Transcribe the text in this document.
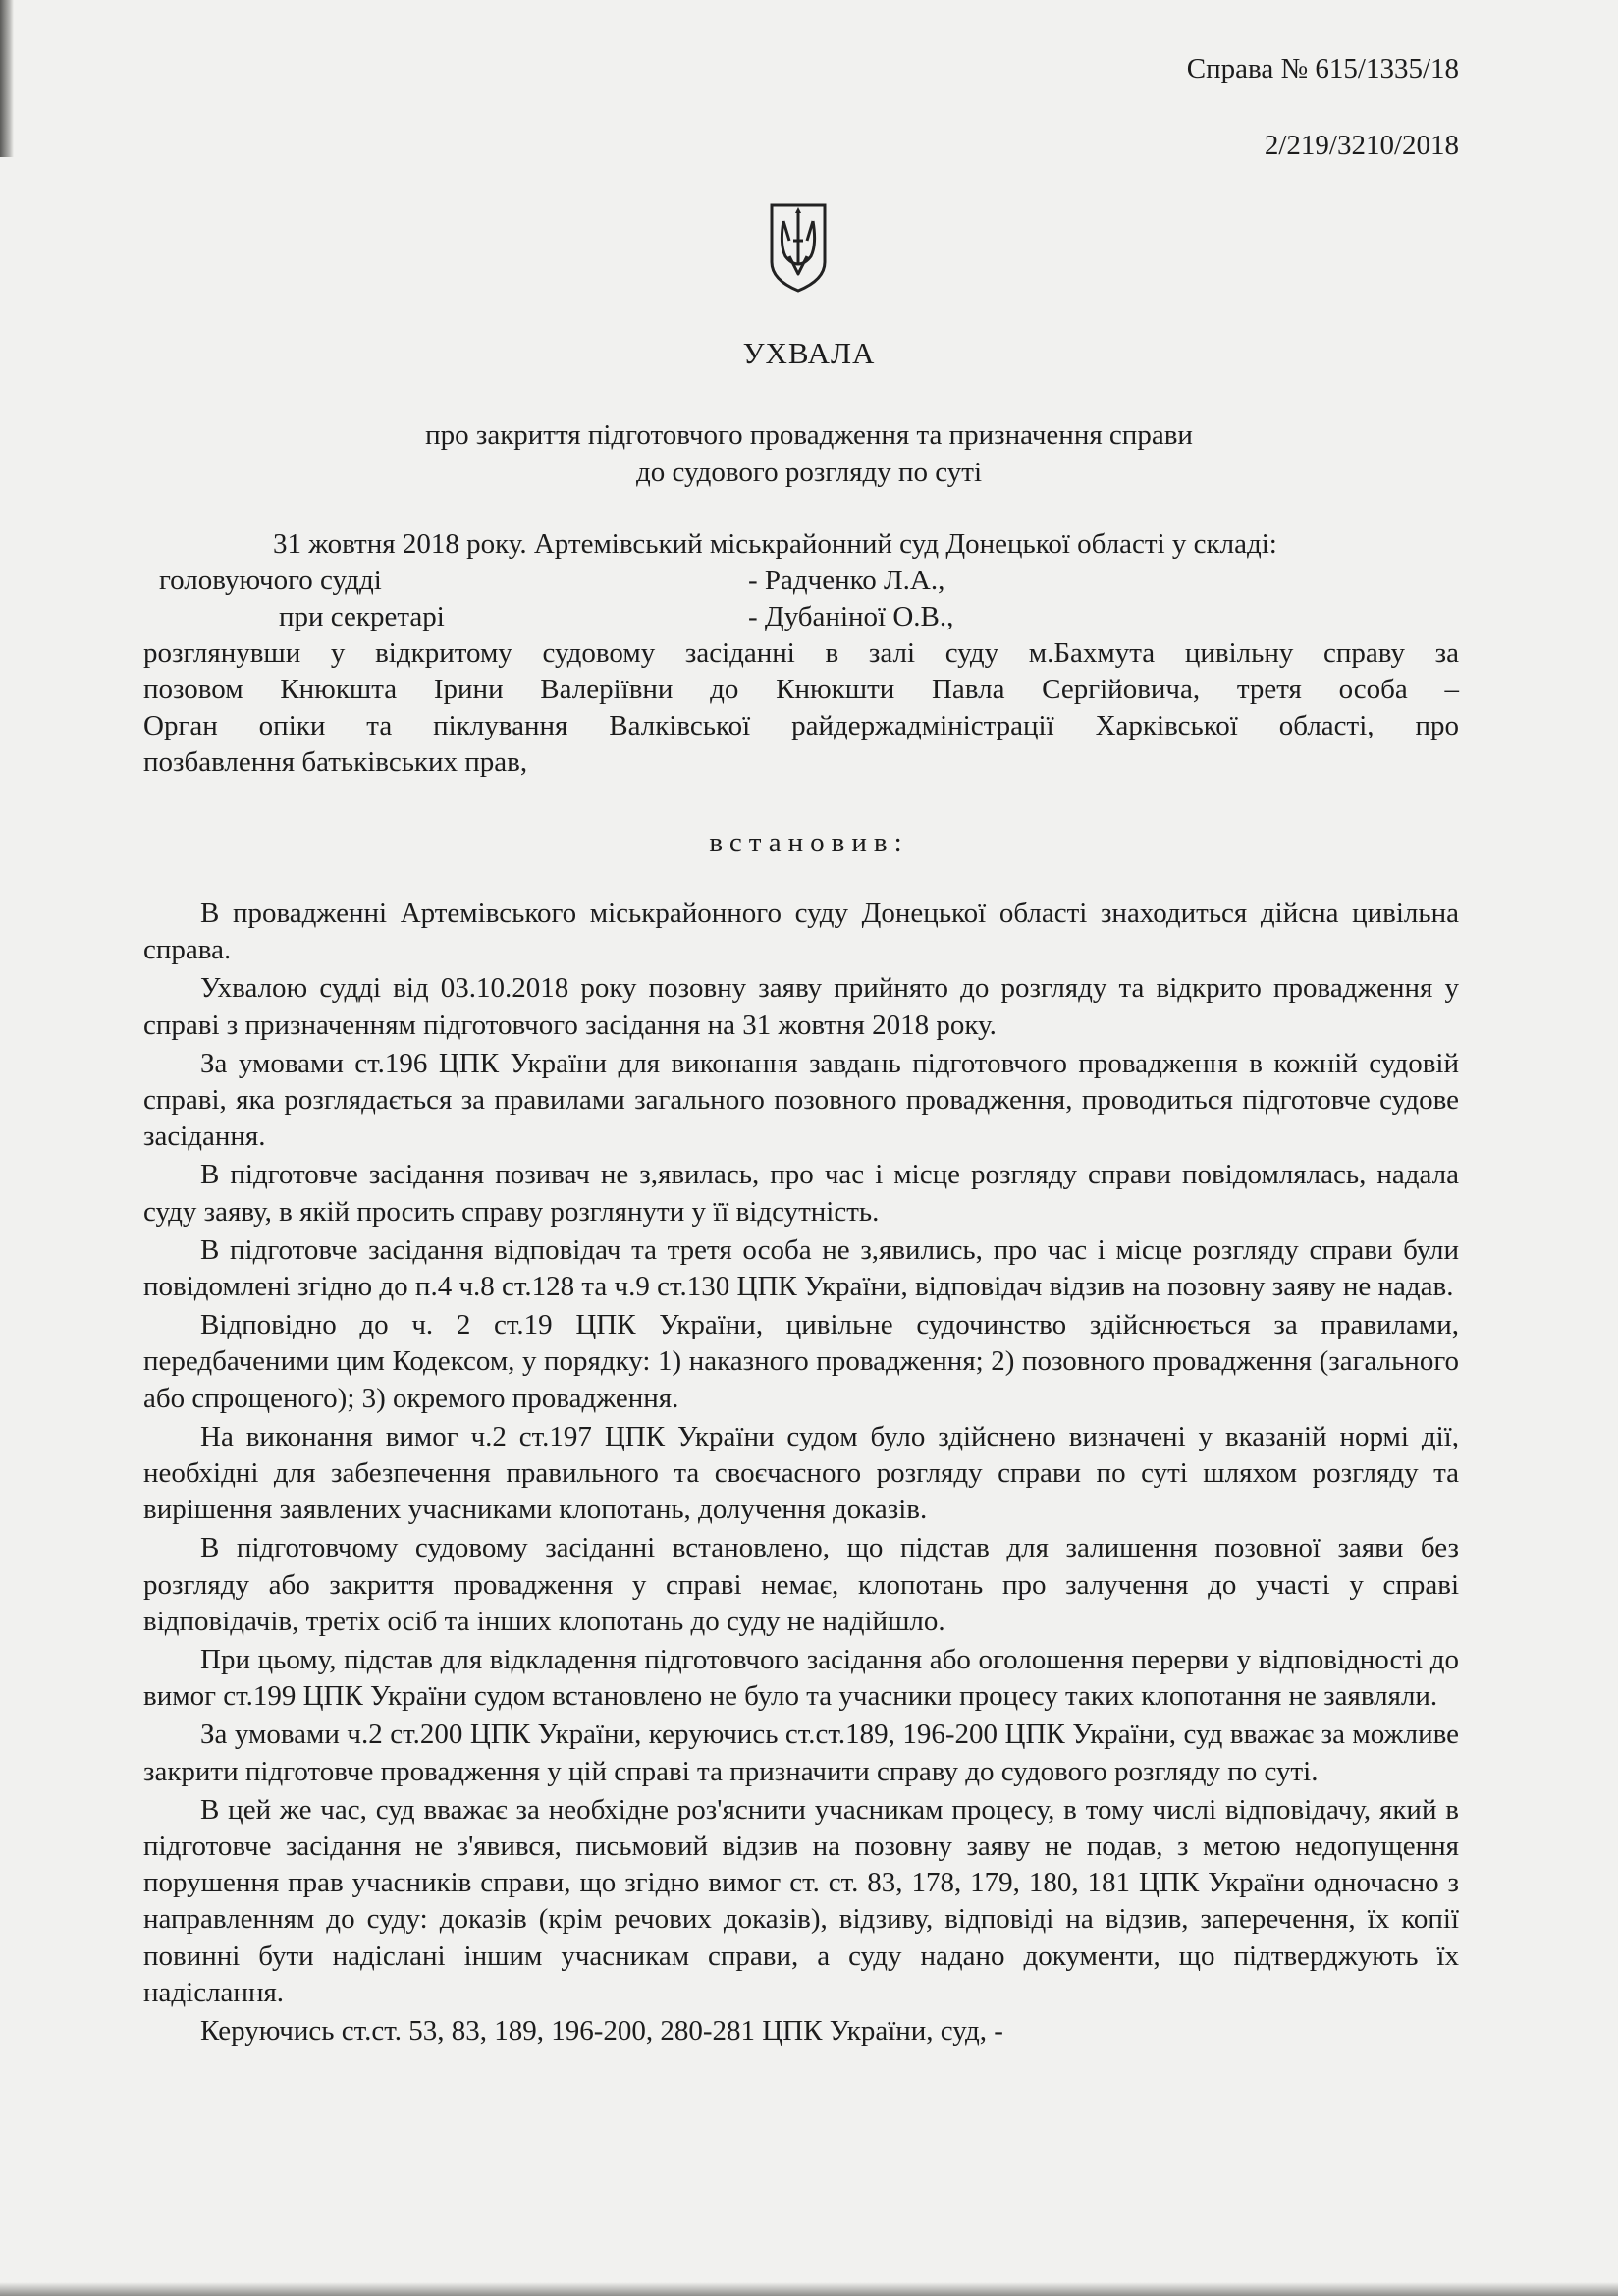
Справа № 615/1335/18
2/219/3210/2018
УХВАЛА
про закриття підготовчого провадження та призначення справи
до судового розгляду по суті
31 жовтня 2018 року. Артемівський міськрайонний суд Донецької області у складі:
головуючого судді	- Радченко Л.А.,
при секретарі	- Дубаніної О.В.,
розглянувши у відкритому судовому засіданні в залі суду м.Бахмута цивільну справу за
позовом Кнюкшта Ірини Валеріївни до Кнюкшти Павла Сергійовича, третя особа –
Орган опіки та піклування Валківської райдержадміністрації Харківської області, про
позбавлення батьківських прав,
встановив:

В провадженні Артемівського міськрайонного суду Донецької області знаходиться дійсна цивільна справа.

Ухвалою судді від 03.10.2018 року позовну заяву прийнято до розгляду та відкрито провадження у справі з призначенням підготовчого засідання на 31 жовтня 2018 року.

За умовами ст.196 ЦПК України для виконання завдань підготовчого провадження в кожній судовій справі, яка розглядається за правилами загального позовного провадження, проводиться підготовче судове засідання.

В підготовче засідання позивач не з,явилась, про час і місце розгляду справи повідомлялась, надала суду заяву, в якій просить справу розглянути у її відсутність.

В підготовче засідання відповідач та третя особа не з,явились, про час і місце розгляду справи були повідомлені згідно до п.4 ч.8 ст.128 та ч.9 ст.130 ЦПК України, відповідач відзив на позовну заяву не надав.

Відповідно до ч. 2 ст.19 ЦПК України, цивільне судочинство здійснюється за правилами, передбаченими цим Кодексом, у порядку: 1) наказного провадження; 2) позовного провадження (загального або спрощеного); 3) окремого провадження.

На виконання вимог ч.2 ст.197 ЦПК України судом було здійснено визначені у вказаній нормі дії, необхідні для забезпечення правильного та своєчасного розгляду справи по суті шляхом розгляду та вирішення заявлених учасниками клопотань, долучення доказів.

В підготовчому судовому засіданні встановлено, що підстав для залишення позовної заяви без розгляду або закриття провадження у справі немає, клопотань про залучення до участі у справі відповідачів, третіх осіб та інших клопотань до суду не надійшло.

При цьому, підстав для відкладення підготовчого засідання або оголошення перерви у відповідності до вимог ст.199 ЦПК України судом встановлено не було та учасники процесу таких клопотання не заявляли.

За умовами ч.2 ст.200 ЦПК України, керуючись ст.ст.189, 196-200 ЦПК України, суд вважає за можливе закрити підготовче провадження у цій справі та призначити справу до судового розгляду по суті.

В цей же час, суд вважає за необхідне роз'яснити учасникам процесу, в тому числі відповідачу, який в підготовче засідання не з'явився, письмовий відзив на позовну заяву не подав, з метою недопущення порушення прав учасників справи, що згідно вимог ст. ст. 83, 178, 179, 180, 181 ЦПК України одночасно з направленням до суду: доказів (крім речових доказів), відзиву, відповіді на відзив, заперечення, їх копії повинні бути надіслані іншим учасникам справи, а суду надано документи, що підтверджують їх надіслання.

Керуючись ст.ст. 53, 83, 189, 196-200, 280-281 ЦПК України, суд, -
